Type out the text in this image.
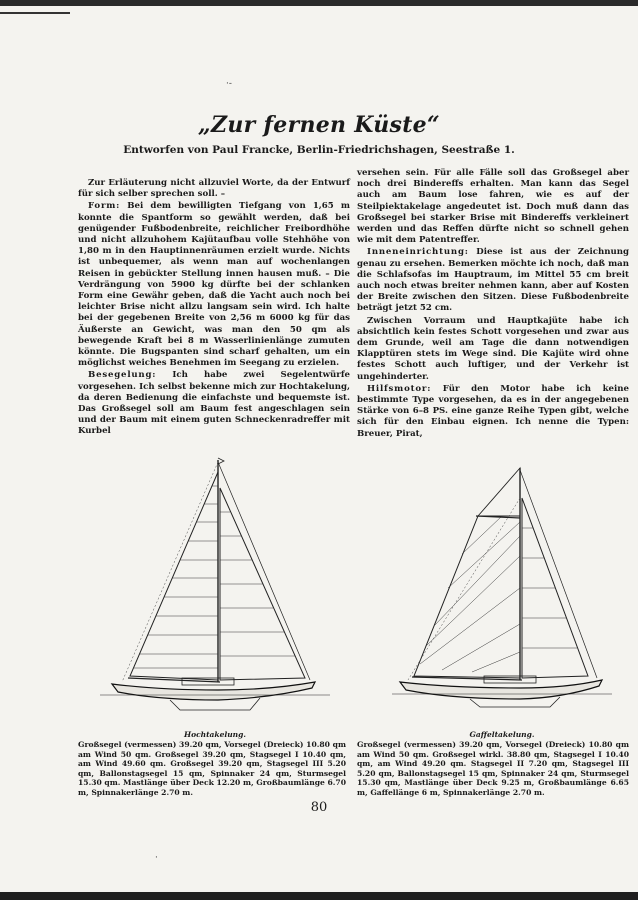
·-
·
„Zur fernen Küste“
Entworfen von Paul Francke, Berlin-Friedrichshagen, Seestraße 1.

Zur Erläuterung nicht allzuviel Worte, da der Entwurf für sich selber sprechen soll. –

Form: Bei dem bewilligten Tiefgang von 1,65 m konnte die Spantform so gewählt werden, daß bei genügender Fußbodenbreite, reichlicher Freibordhöhe und nicht allzuhohem Kajütaufbau volle Stehhöhe von 1,80 m in den Hauptinnenräumen erzielt wurde. Nichts ist unbequemer, als wenn man auf wochenlangen Reisen in gebückter Stellung innen hausen muß. – Die Verdrängung von 5900 kg dürfte bei der schlanken Form eine Gewähr geben, daß die Yacht auch noch bei leichter Brise nicht allzu langsam sein wird. Ich halte bei der gegebenen Breite von 2,56 m 6000 kg für das Äußerste an Gewicht, was man den 50 qm als bewegende Kraft bei 8 m Wasserlinienlänge zumuten könnte. Die Bugspanten sind scharf gehalten, um ein möglichst weiches Benehmen im Seegang zu erzielen.

Besegelung: Ich habe zwei Segelentwürfe vorgesehen. Ich selbst bekenne mich zur Hochtakelung, da deren Bedienung die einfachste und bequemste ist. Das Großsegel soll am Baum fest angeschlagen sein und der Baum mit einem guten Schneckenradreffer mit Kurbel

versehen sein. Für alle Fälle soll das Großsegel aber noch drei Bindereffs erhalten. Man kann das Segel auch am Baum lose fahren, wie es auf der Steilpiektakelage angedeutet ist. Doch muß dann das Großsegel bei starker Brise mit Bindereffs verkleinert werden und das Reffen dürfte nicht so schnell gehen wie mit dem Patentreffer.

Inneneinrichtung: Diese ist aus der Zeichnung genau zu ersehen. Bemerken möchte ich noch, daß man die Schlafsofas im Hauptraum, im Mittel 55 cm breit auch noch etwas breiter nehmen kann, aber auf Kosten der Breite zwischen den Sitzen. Diese Fußbodenbreite beträgt jetzt 52 cm.

Zwischen Vorraum und Hauptkajüte habe ich absichtlich kein festes Schott vorgesehen und zwar aus dem Grunde, weil am Tage die dann notwendigen Klapptüren stets im Wege sind. Die Kajüte wird ohne festes Schott auch luftiger, und der Verkehr ist ungehinderter.

Hilfsmotor: Für den Motor habe ich keine bestimmte Type vorgesehen, da es in der angegebenen Stärke von 6–8 PS. eine ganze Reihe Typen gibt, welche sich für den Einbau eignen. Ich nenne die Typen: Breuer, Pirat,

Hochtakelung.
Großsegel (vermessen) 39.20 qm, Vorsegel (Dreieck) 10.80 qm am Wind 50 qm. Großsegel 39.20 qm, Stagsegel I 10.40 qm, am Wind 49.60 qm. Großsegel 39.20 qm, Stagsegel III 5.20 qm, Ballonstagsegel 15 qm, Spinnaker 24 qm, Sturmsegel 15.30 qm. Mastlänge über Deck 12.20 m, Großbaumlänge 6.70 m, Spinnakerlänge 2.70 m.
Gaffeltakelung.
Großsegel (vermessen) 39.20 qm, Vorsegel (Dreieck) 10.80 qm am Wind 50 qm. Großsegel wirkl. 38.80 qm, Stagsegel I 10.40 qm, am Wind 49.20 qm. Stagsegel II 7.20 qm, Stagsegel III 5.20 qm, Ballonstagsegel 15 qm, Spinnaker 24 qm, Sturmsegel 15.30 qm, Mastlänge über Deck 9.25 m, Großbaumlänge 6.65 m, Gaffellänge 6 m, Spinnakerlänge 2.70 m.
80
